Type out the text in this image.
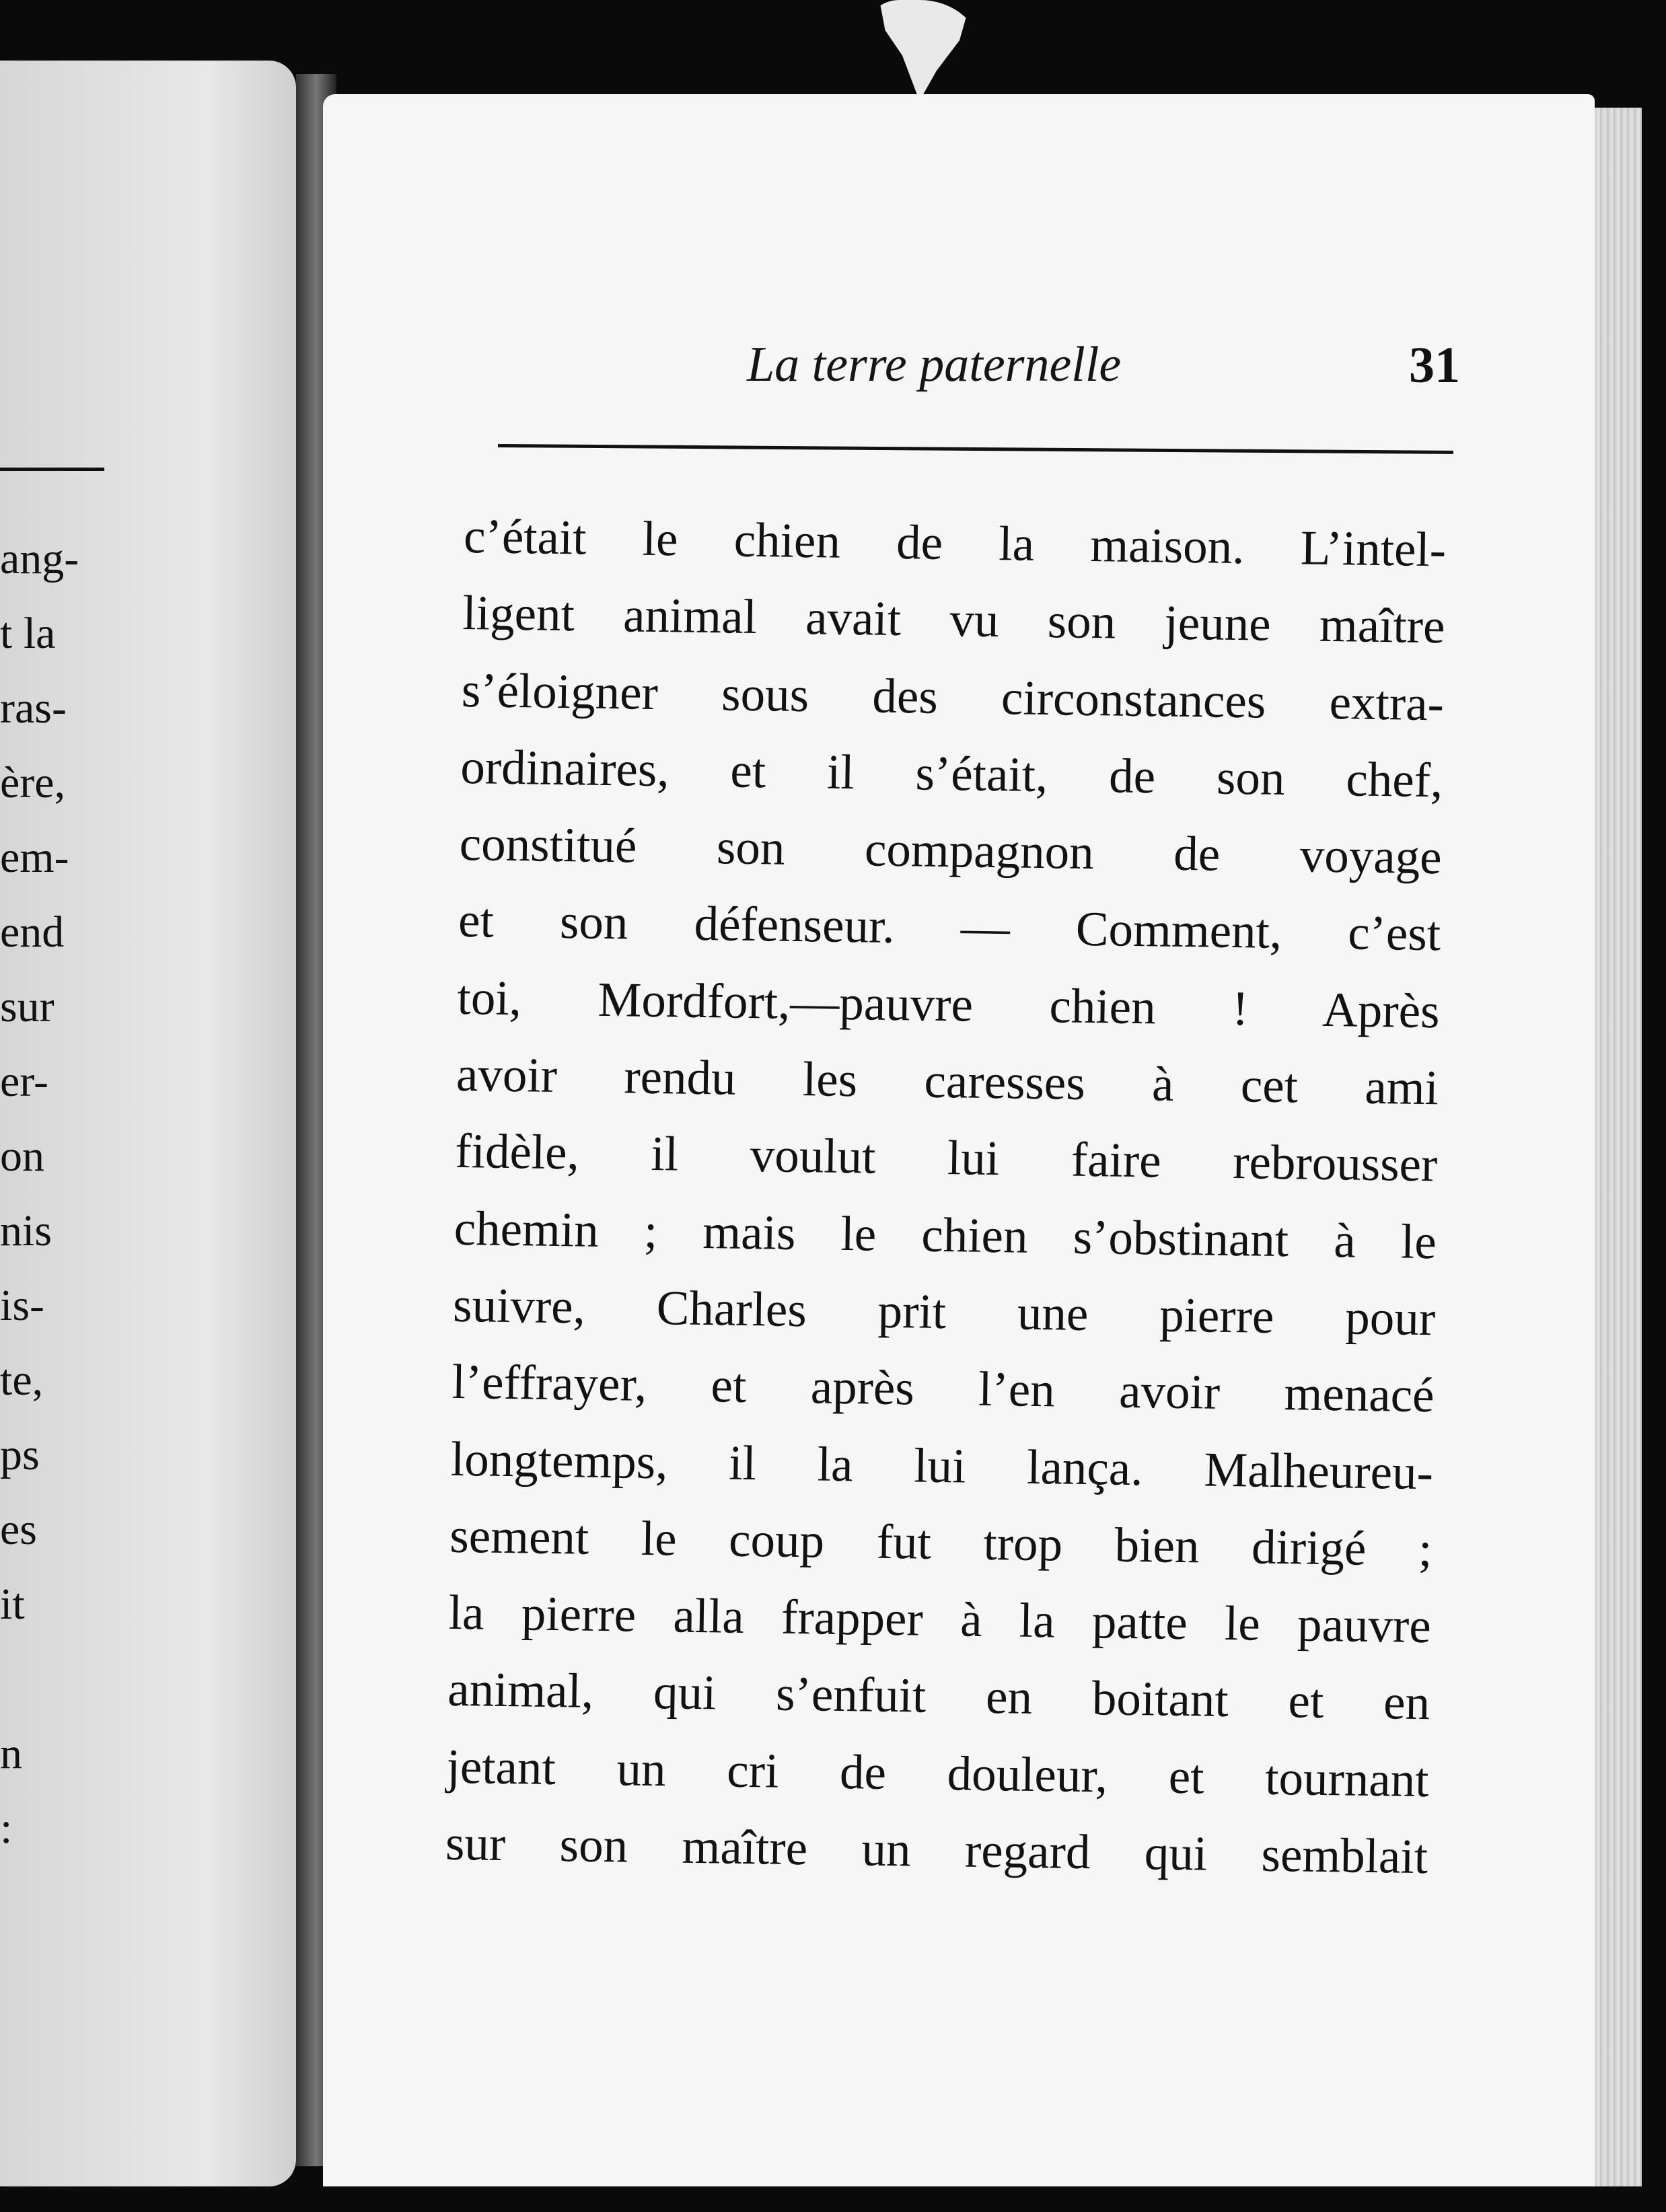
ang-
t la
ras-
ère,
em-
end
sur
er-
on
nis
is-
te,
ps
es
it
n
:
La terre paternelle	31
c’était le chien de la maison. L’intel-
ligent animal avait vu son jeune maître
s’éloigner sous des circonstances extra-
ordinaires, et il s’était, de son chef,
constitué son compagnon de voyage
et son défenseur. — Comment, c’est
toi, Mordfort,—pauvre chien ! Après
avoir rendu les caresses à cet ami
fidèle, il voulut lui faire rebrousser
chemin ; mais le chien s’obstinant à le
suivre, Charles prit une pierre pour
l’effrayer, et après l’en avoir menacé
longtemps, il la lui lança. Malheureu-
sement le coup fut trop bien dirigé ;
la pierre alla frapper à la patte le pauvre
animal, qui s’enfuit en boitant et en
jetant un cri de douleur, et tournant
sur son maître un regard qui semblait
